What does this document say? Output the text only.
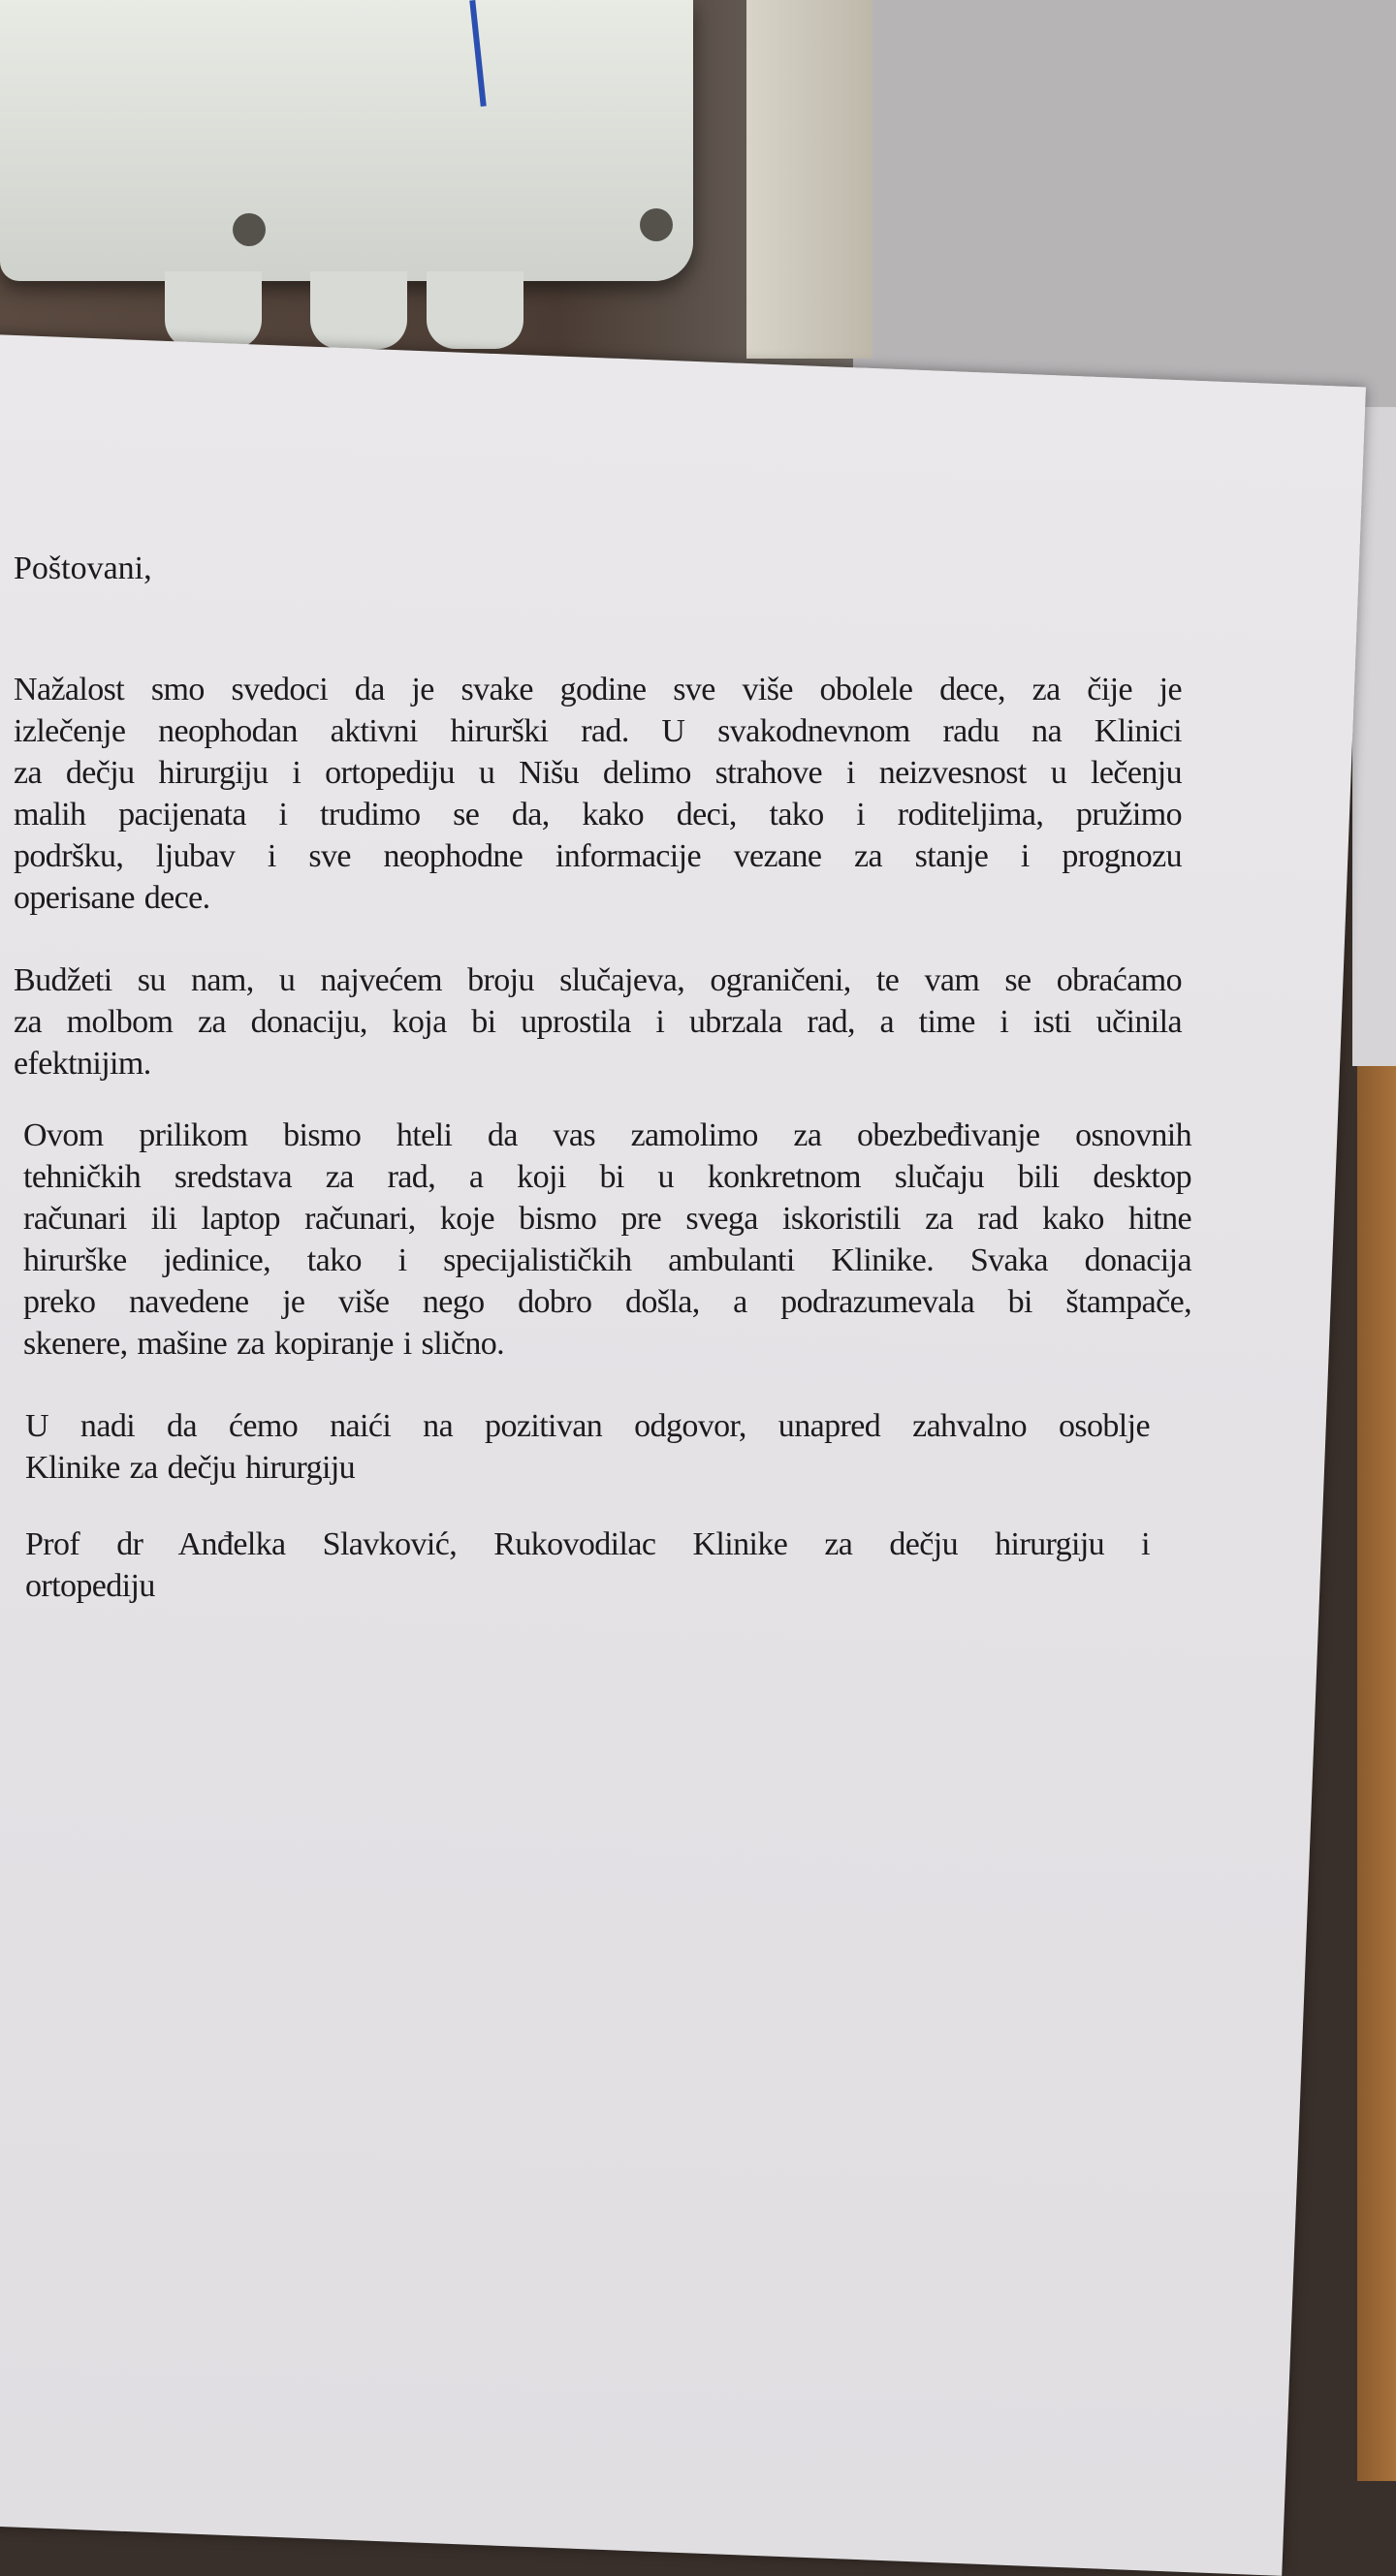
Poštovani,
Nažalost smo svedoci da je svake godine sve više obolele dece, za čije je
izlečenje neophodan aktivni hirurški rad. U svakodnevnom radu na Klinici
za dečju hirurgiju i ortopediju u Nišu delimo strahove i neizvesnost u lečenju
malih pacijenata i trudimo se da, kako deci, tako i roditeljima, pružimo
podršku, ljubav i sve neophodne informacije vezane za stanje i prognozu
operisane dece.
Budžeti su nam, u najvećem broju slučajeva, ograničeni, te vam se obraćamo
za molbom za donaciju, koja bi uprostila i ubrzala rad, a time i isti učinila
efektnijim.
Ovom prilikom bismo hteli da vas zamolimo za obezbeđivanje osnovnih
tehničkih sredstava za rad, a koji bi u konkretnom slučaju bili desktop
računari ili laptop računari, koje bismo pre svega iskoristili za rad kako hitne
hirurške jedinice, tako i specijalističkih ambulanti Klinike. Svaka donacija
preko navedene je više nego dobro došla, a podrazumevala bi štampače,
skenere, mašine za kopiranje i slično.
U nadi da ćemo naići na pozitivan odgovor, unapred zahvalno osoblje
Klinike za dečju hirurgiju
Prof dr Anđelka Slavković, Rukovodilac Klinike za dečju hirurgiju i
ortopediju
